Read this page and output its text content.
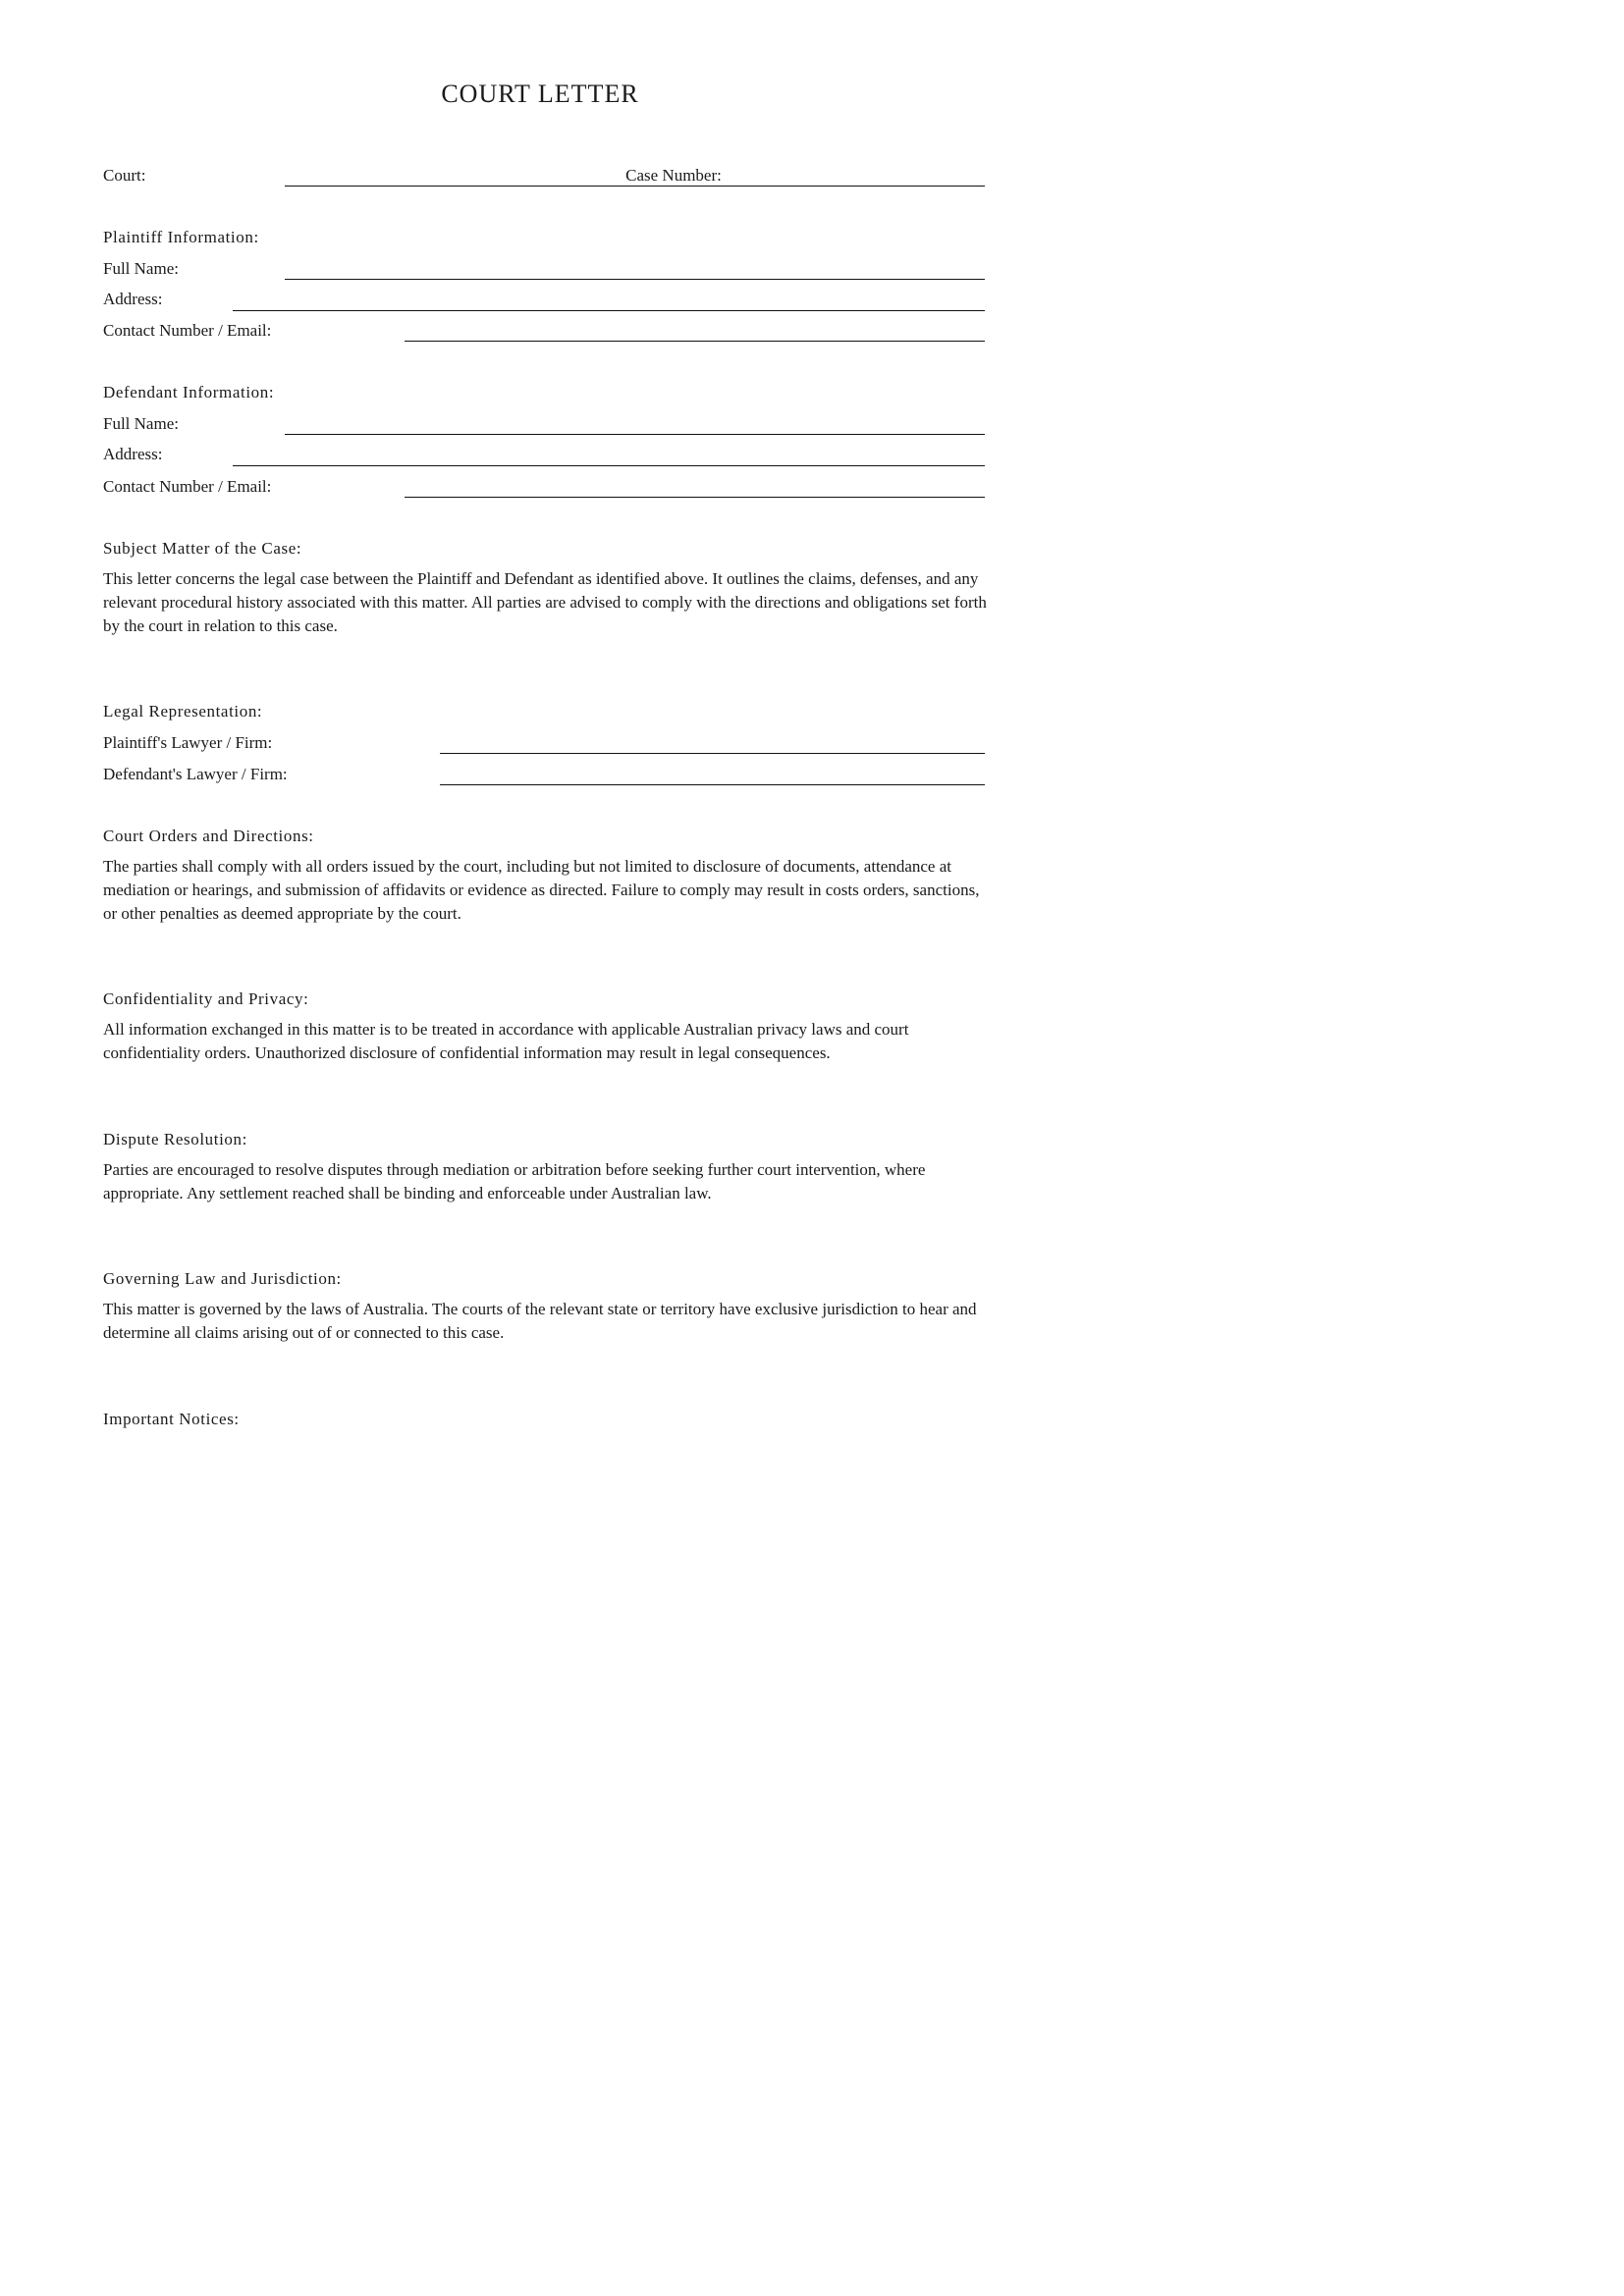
COURT LETTER
Court:	Case Number:
Plaintiff Information:
Full Name:
Address:
Contact Number / Email:
Defendant Information:
Full Name:
Address:
Contact Number / Email:
Subject Matter of the Case:
This letter concerns the legal case between the Plaintiff and Defendant as identified above. It outlines the claims, defenses, and any relevant procedural history associated with this matter. All parties are advised to comply with the directions and obligations set forth by the court in relation to this case.
Legal Representation:
Plaintiff's Lawyer / Firm:
Defendant's Lawyer / Firm:
Court Orders and Directions:
The parties shall comply with all orders issued by the court, including but not limited to disclosure of documents, attendance at mediation or hearings, and submission of affidavits or evidence as directed. Failure to comply may result in costs orders, sanctions, or other penalties as deemed appropriate by the court.
Confidentiality and Privacy:
All information exchanged in this matter is to be treated in accordance with applicable Australian privacy laws and court confidentiality orders. Unauthorized disclosure of confidential information may result in legal consequences.
Dispute Resolution:
Parties are encouraged to resolve disputes through mediation or arbitration before seeking further court intervention, where appropriate. Any settlement reached shall be binding and enforceable under Australian law.
Governing Law and Jurisdiction:
This matter is governed by the laws of Australia. The courts of the relevant state or territory have exclusive jurisdiction to hear and determine all claims arising out of or connected to this case.
Important Notices:
